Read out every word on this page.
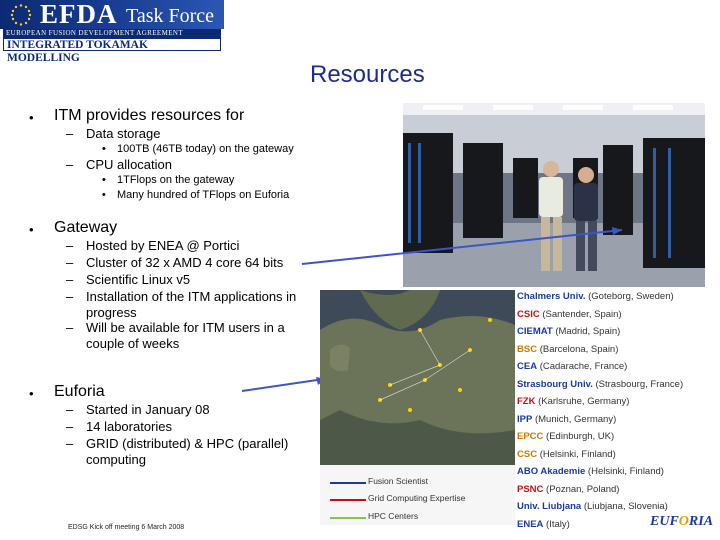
EFDA Task Force
EUROPEAN FUSION DEVELOPMENT AGREEMENT
INTEGRATED TOKAMAK MODELLING
Resources
• ITM provides resources for
– Data storage
• 100TB (46TB today) on the gateway
– CPU allocation
• 1TFlops on the gateway
• Many hundred of TFlops on Euforia
• Gateway
– Hosted by ENEA @ Portici
– Cluster of 32 x AMD 4 core 64 bits
– Scientific Linux v5
– Installation of the ITM applications in progress
– Will be available for ITM users in a couple of weeks
• Euforia
– Started in January 08
– 14 laboratories
– GRID (distributed) & HPC (parallel) computing
Fusion Scientist
Grid Computing Expertise
HPC Centers
Chalmers Univ. (Goteborg, Sweden)
CSIC (Santender, Spain)
CIEMAT (Madrid, Spain)
BSC (Barcelona, Spain)
CEA (Cadarache, France)
Strasbourg Univ. (Strasbourg, France)
FZK (Karlsruhe, Germany)
IPP (Munich, Germany)
EPCC (Edinburgh, UK)
CSC (Helsinki, Finland)
ABO Akademie (Helsinki, Finland)
PSNC (Poznan, Poland)
Univ. Liubjana (Liubjana, Slovenia)
ENEA (Italy)
EDSG Kick off meeting 6 March 2008	EUFORIA
